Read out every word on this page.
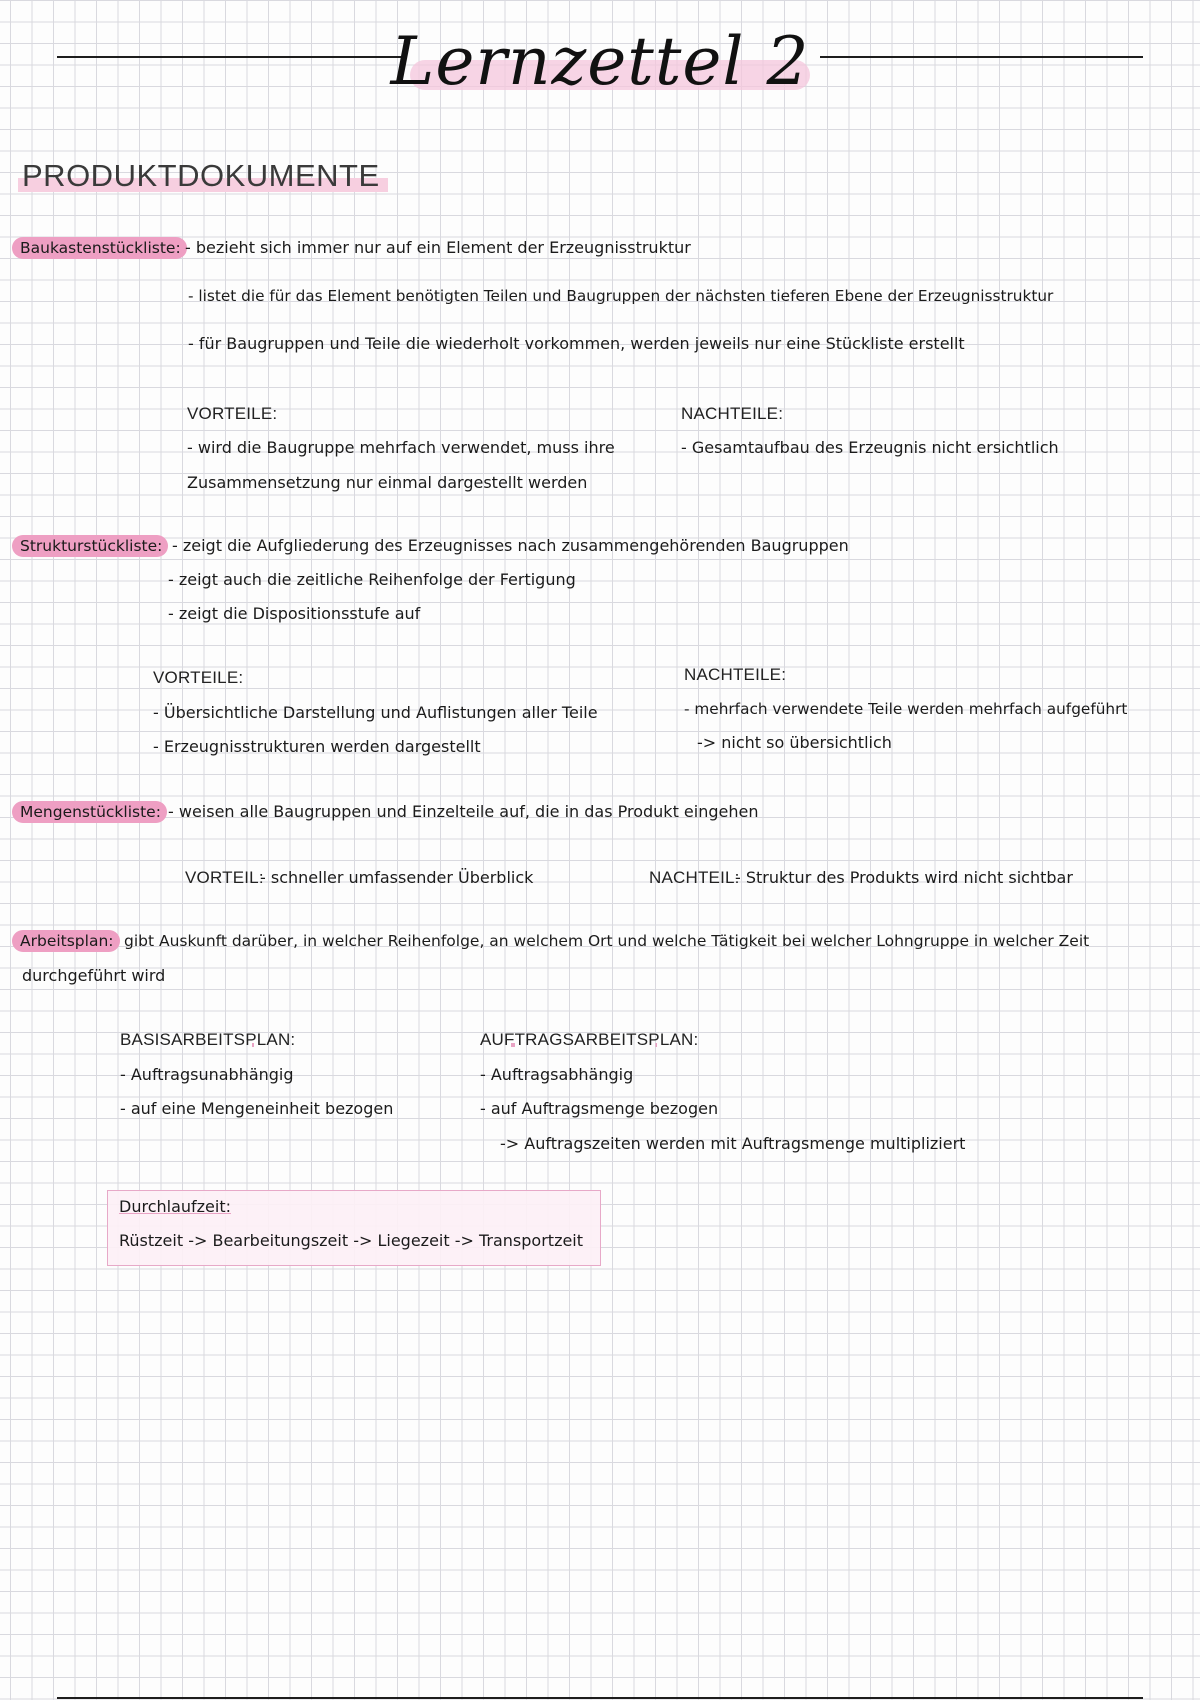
Lernzettel 2
PRODUKTDOKUMENTE
Baukastenstückliste: - bezieht sich immer nur auf ein Element der Erzeugnisstruktur
- listet die für das Element benötigten Teilen und Baugruppen der nächsten tieferen Ebene der Erzeugnisstruktur
- für Baugruppen und Teile die wiederholt vorkommen, werden jeweils nur eine Stückliste erstellt
VORTEILE:
- wird die Baugruppe mehrfach verwendet, muss ihre
Zusammensetzung nur einmal dargestellt werden
NACHTEILE:
- Gesamtaufbau des Erzeugnis nicht ersichtlich
Strukturstückliste: - zeigt die Aufgliederung des Erzeugnisses nach zusammengehörenden Baugruppen
- zeigt auch die zeitliche Reihenfolge der Fertigung
- zeigt die Dispositionsstufe auf
VORTEILE:
- Übersichtliche Darstellung und Auflistungen aller Teile
- Erzeugnisstrukturen werden dargestellt
NACHTEILE:
- mehrfach verwendete Teile werden mehrfach aufgeführt
-> nicht so übersichtlich
Mengenstückliste: - weisen alle Baugruppen und Einzelteile auf, die in das Produkt eingehen
VORTEIL:
- schneller umfassender Überblick	NACHTEIL:
- Struktur des Produkts wird nicht sichtbar
Arbeitsplan: gibt Auskunft darüber, in welcher Reihenfolge, an welchem Ort und welche Tätigkeit bei welcher Lohngruppe in welcher Zeit
durchgeführt wird
BASISARBEITSPLAN:
- Auftragsunabhängig
- auf eine Mengeneinheit bezogen
AUFTRAGSARBEITSPLAN:
- Auftragsabhängig
- auf Auftragsmenge bezogen
-> Auftragszeiten werden mit Auftragsmenge multipliziert
Durchlaufzeit:
Rüstzeit -> Bearbeitungszeit -> Liegezeit -> Transportzeit
